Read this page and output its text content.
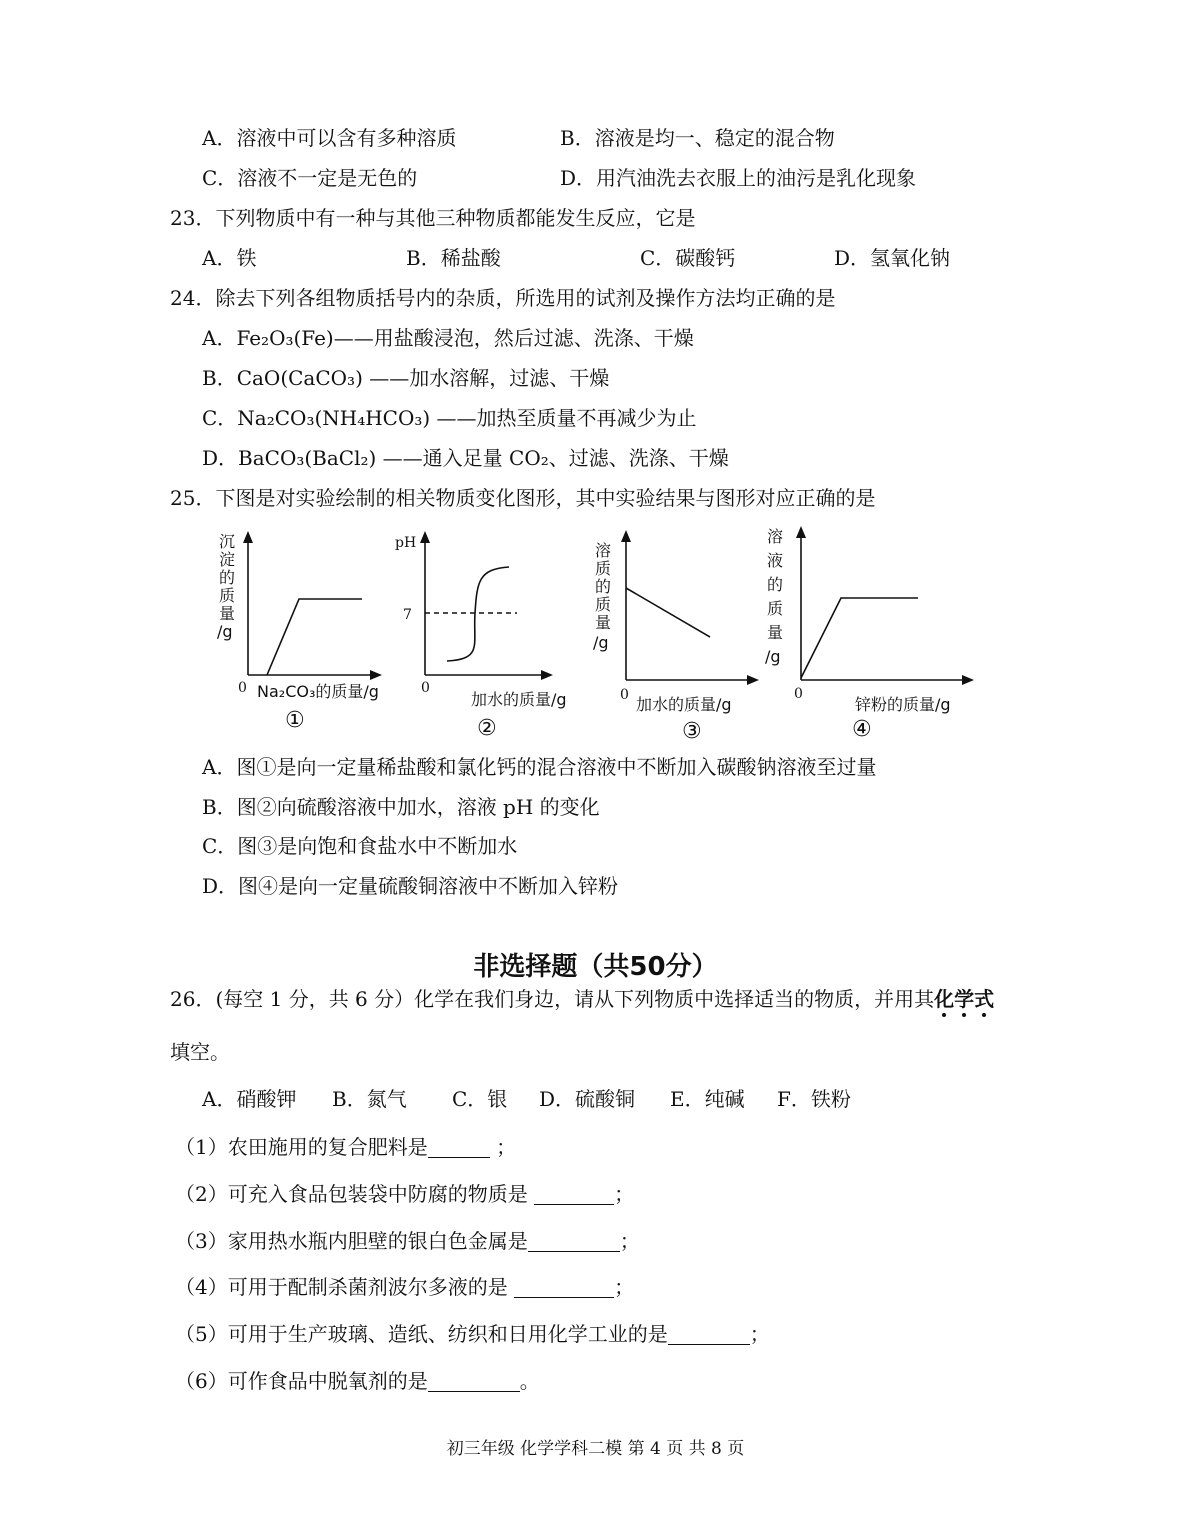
A．溶液中可以含有多种溶质	B．溶液是均一、稳定的混合物
C．溶液不一定是无色的	D．用汽油洗去衣服上的油污是乳化现象
23．下列物质中有一种与其他三种物质都能发生反应，它是
A．铁	B．稀盐酸	C．碳酸钙	D．氢氧化钠
24．除去下列各组物质括号内的杂质，所选用的试剂及操作方法均正确的是
A．Fe₂O₃(Fe)——用盐酸浸泡，然后过滤、洗涤、干燥
B．CaO(CaCO₃) ——加水溶解，过滤、干燥
C．Na₂CO₃(NH₄HCO₃) ——加热至质量不再减少为止
D．BaCO₃(BaCl₂) ——通入足量 CO₂、过滤、洗涤、干燥
25．下图是对实验绘制的相关物质变化图形，其中实验结果与图形对应正确的是
沉
淀
的
质
量
/g
0 Na₂CO₃的质量/g
①
pH
7
0
加水的质量/g
②
溶
质
的
质
量
/g
0 加水的质量/g
③
溶
液
的
质
量
/g
0
锌粉的质量/g
④
A．图①是向一定量稀盐酸和氯化钙的混合溶液中不断加入碳酸钠溶液至过量
B．图②向硫酸溶液中加水，溶液 pH 的变化
C．图③是向饱和食盐水中不断加水
D．图④是向一定量硫酸铜溶液中不断加入锌粉
非选择题（共50分）
26．(每空 1 分，共 6 分）化学在我们身边，请从下列物质中选择适当的物质，并用其化学式
填空。
A．硝酸钾 B．氮气 C．银 D．硫酸铜 E．纯碱 F．铁粉
（1）农田施用的复合肥料是	；
（2）可充入食品包装袋中防腐的物质是	；
（3）家用热水瓶内胆壁的银白色金属是	；
（4）可用于配制杀菌剂波尔多液的是	；
（5）可用于生产玻璃、造纸、纺织和日用化学工业的是	；
（6）可作食品中脱氧剂的是	。
初三年级 化学学科二模 第 4 页 共 8 页
